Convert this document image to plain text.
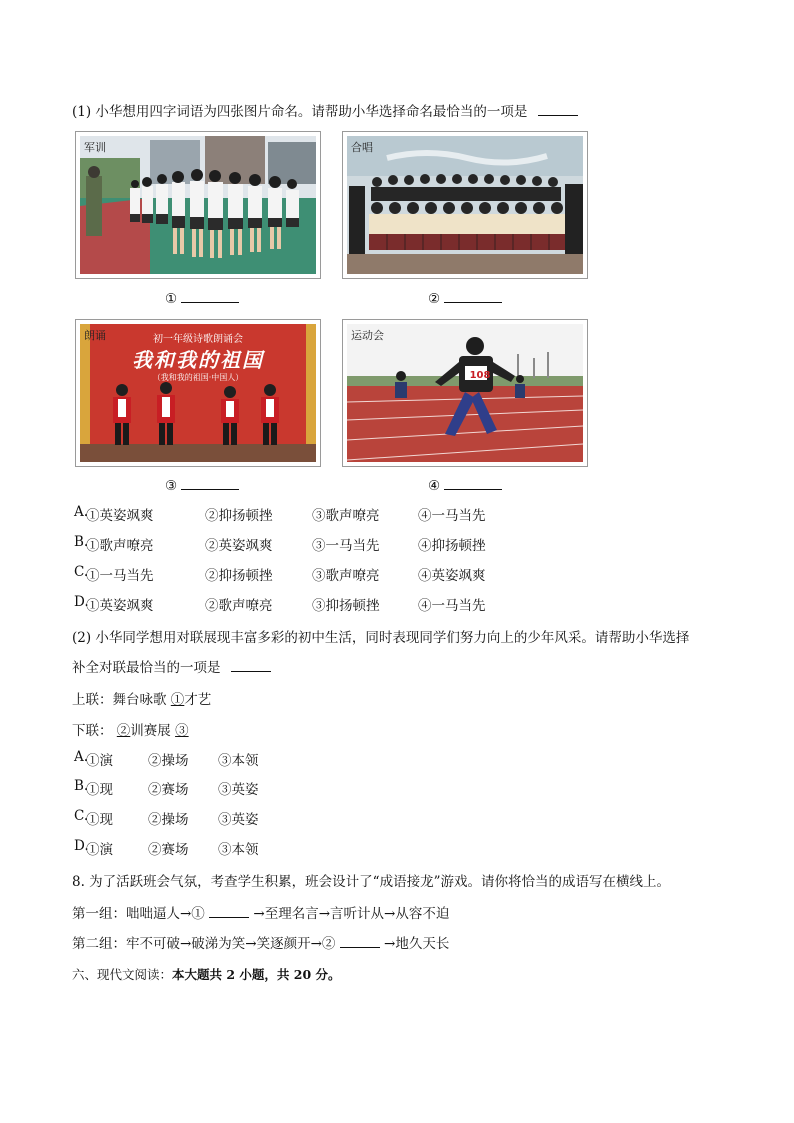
(1) 小华想用四字词语为四张图片命名。请帮助小华选择命名最恰当的一项是
军训	合唱
①	②
朗诵	初一年级诗歌朗诵会
我和我的祖国
（我和我的祖国·中国人）
运动会
108
③	④
A.
①英姿飒爽	②抑扬顿挫	③歌声嘹亮	④一马当先
B.
①歌声嘹亮	②英姿飒爽	③一马当先	④抑扬顿挫
C.
①一马当先	②抑扬顿挫	③歌声嘹亮	④英姿飒爽
D.
①英姿飒爽	②歌声嘹亮	③抑扬顿挫	④一马当先
(2) 小华同学想用对联展现丰富多彩的初中生活，同时表现同学们努力向上的少年风采。请帮助小华选择
补全对联最恰当的一项是
上联：舞台咏歌 ①才艺
下联： ②训赛展 ③
A.
①演	②操场 ③本领
B.
①现	②赛场 ③英姿
C.
①现	②操场 ③英姿
D.
①演	②赛场 ③本领
8. 为了活跃班会气氛，考查学生积累，班会设计了“成语接龙”游戏。请你将恰当的成语写在横线上。
第一组：咄咄逼人→①	→至理名言→言听计从→从容不迫
第二组：牢不可破→破涕为笑→笑逐颜开→②	→地久天长
六、现代文阅读：本大题共 2 小题，共 20 分。
